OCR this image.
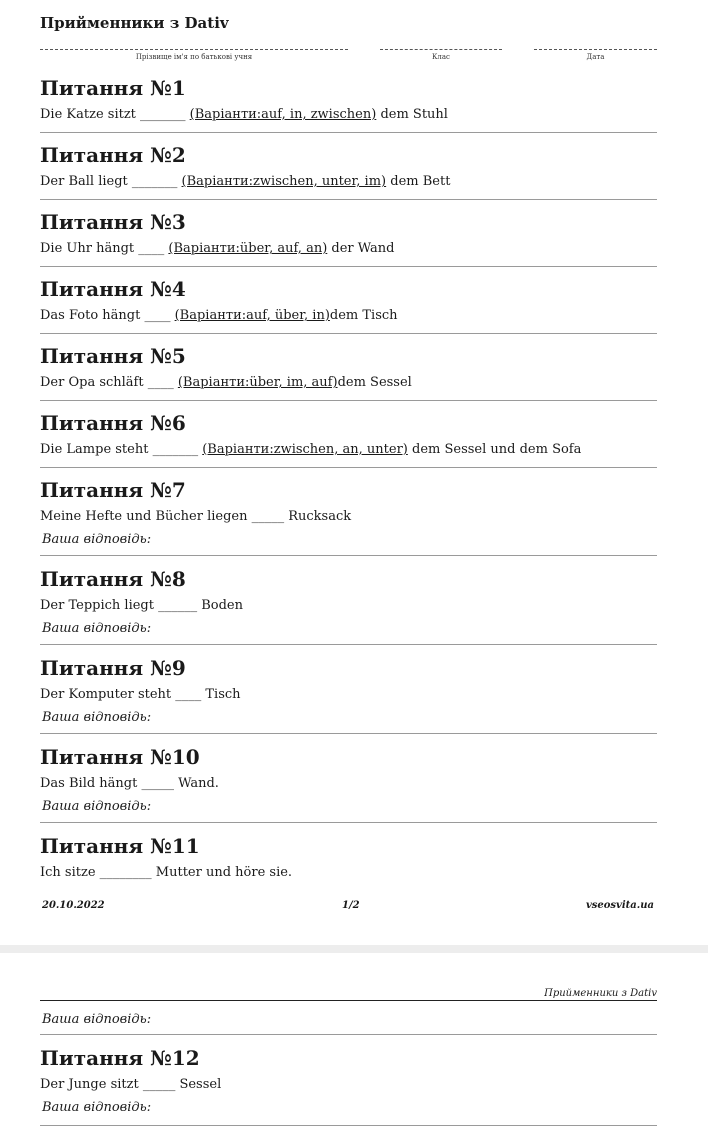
Прийменники з Dativ
Прізвище ім'я по батькові учня	Клас	Дата
Питання №1
Die Katze sitzt _______ (Варіанти:auf, in, zwischen) dem Stuhl
Питання №2
Der Ball liegt _______ (Варіанти:zwischen, unter, im) dem Bett
Питання №3
Die Uhr hängt ____ (Варіанти:über, auf, an) der Wand
Питання №4
Das Foto hängt ____ (Варіанти:auf, über, in)dem Tisch
Питання №5
Der Opa schläft ____ (Варіанти:über, im, auf)dem Sessel
Питання №6
Die Lampe steht _______ (Варіанти:zwischen, an, unter) dem Sessel und dem Sofa
Питання №7
Meine Hefte und Bücher liegen _____ Rucksack
Ваша відповідь:
Питання №8
Der Teppich liegt ______ Boden
Ваша відповідь:
Питання №9
Der Komputer steht ____ Tisch
Ваша відповідь:
Питання №10
Das Bild hängt _____ Wand.
Ваша відповідь:
Питання №11
Ich sitze ________ Mutter und höre sie.
20.10.2022	1/2	vseosvita.ua
Прийменники з Dativ
Ваша відповідь:
Питання №12
Der Junge sitzt _____ Sessel
Ваша відповідь:
